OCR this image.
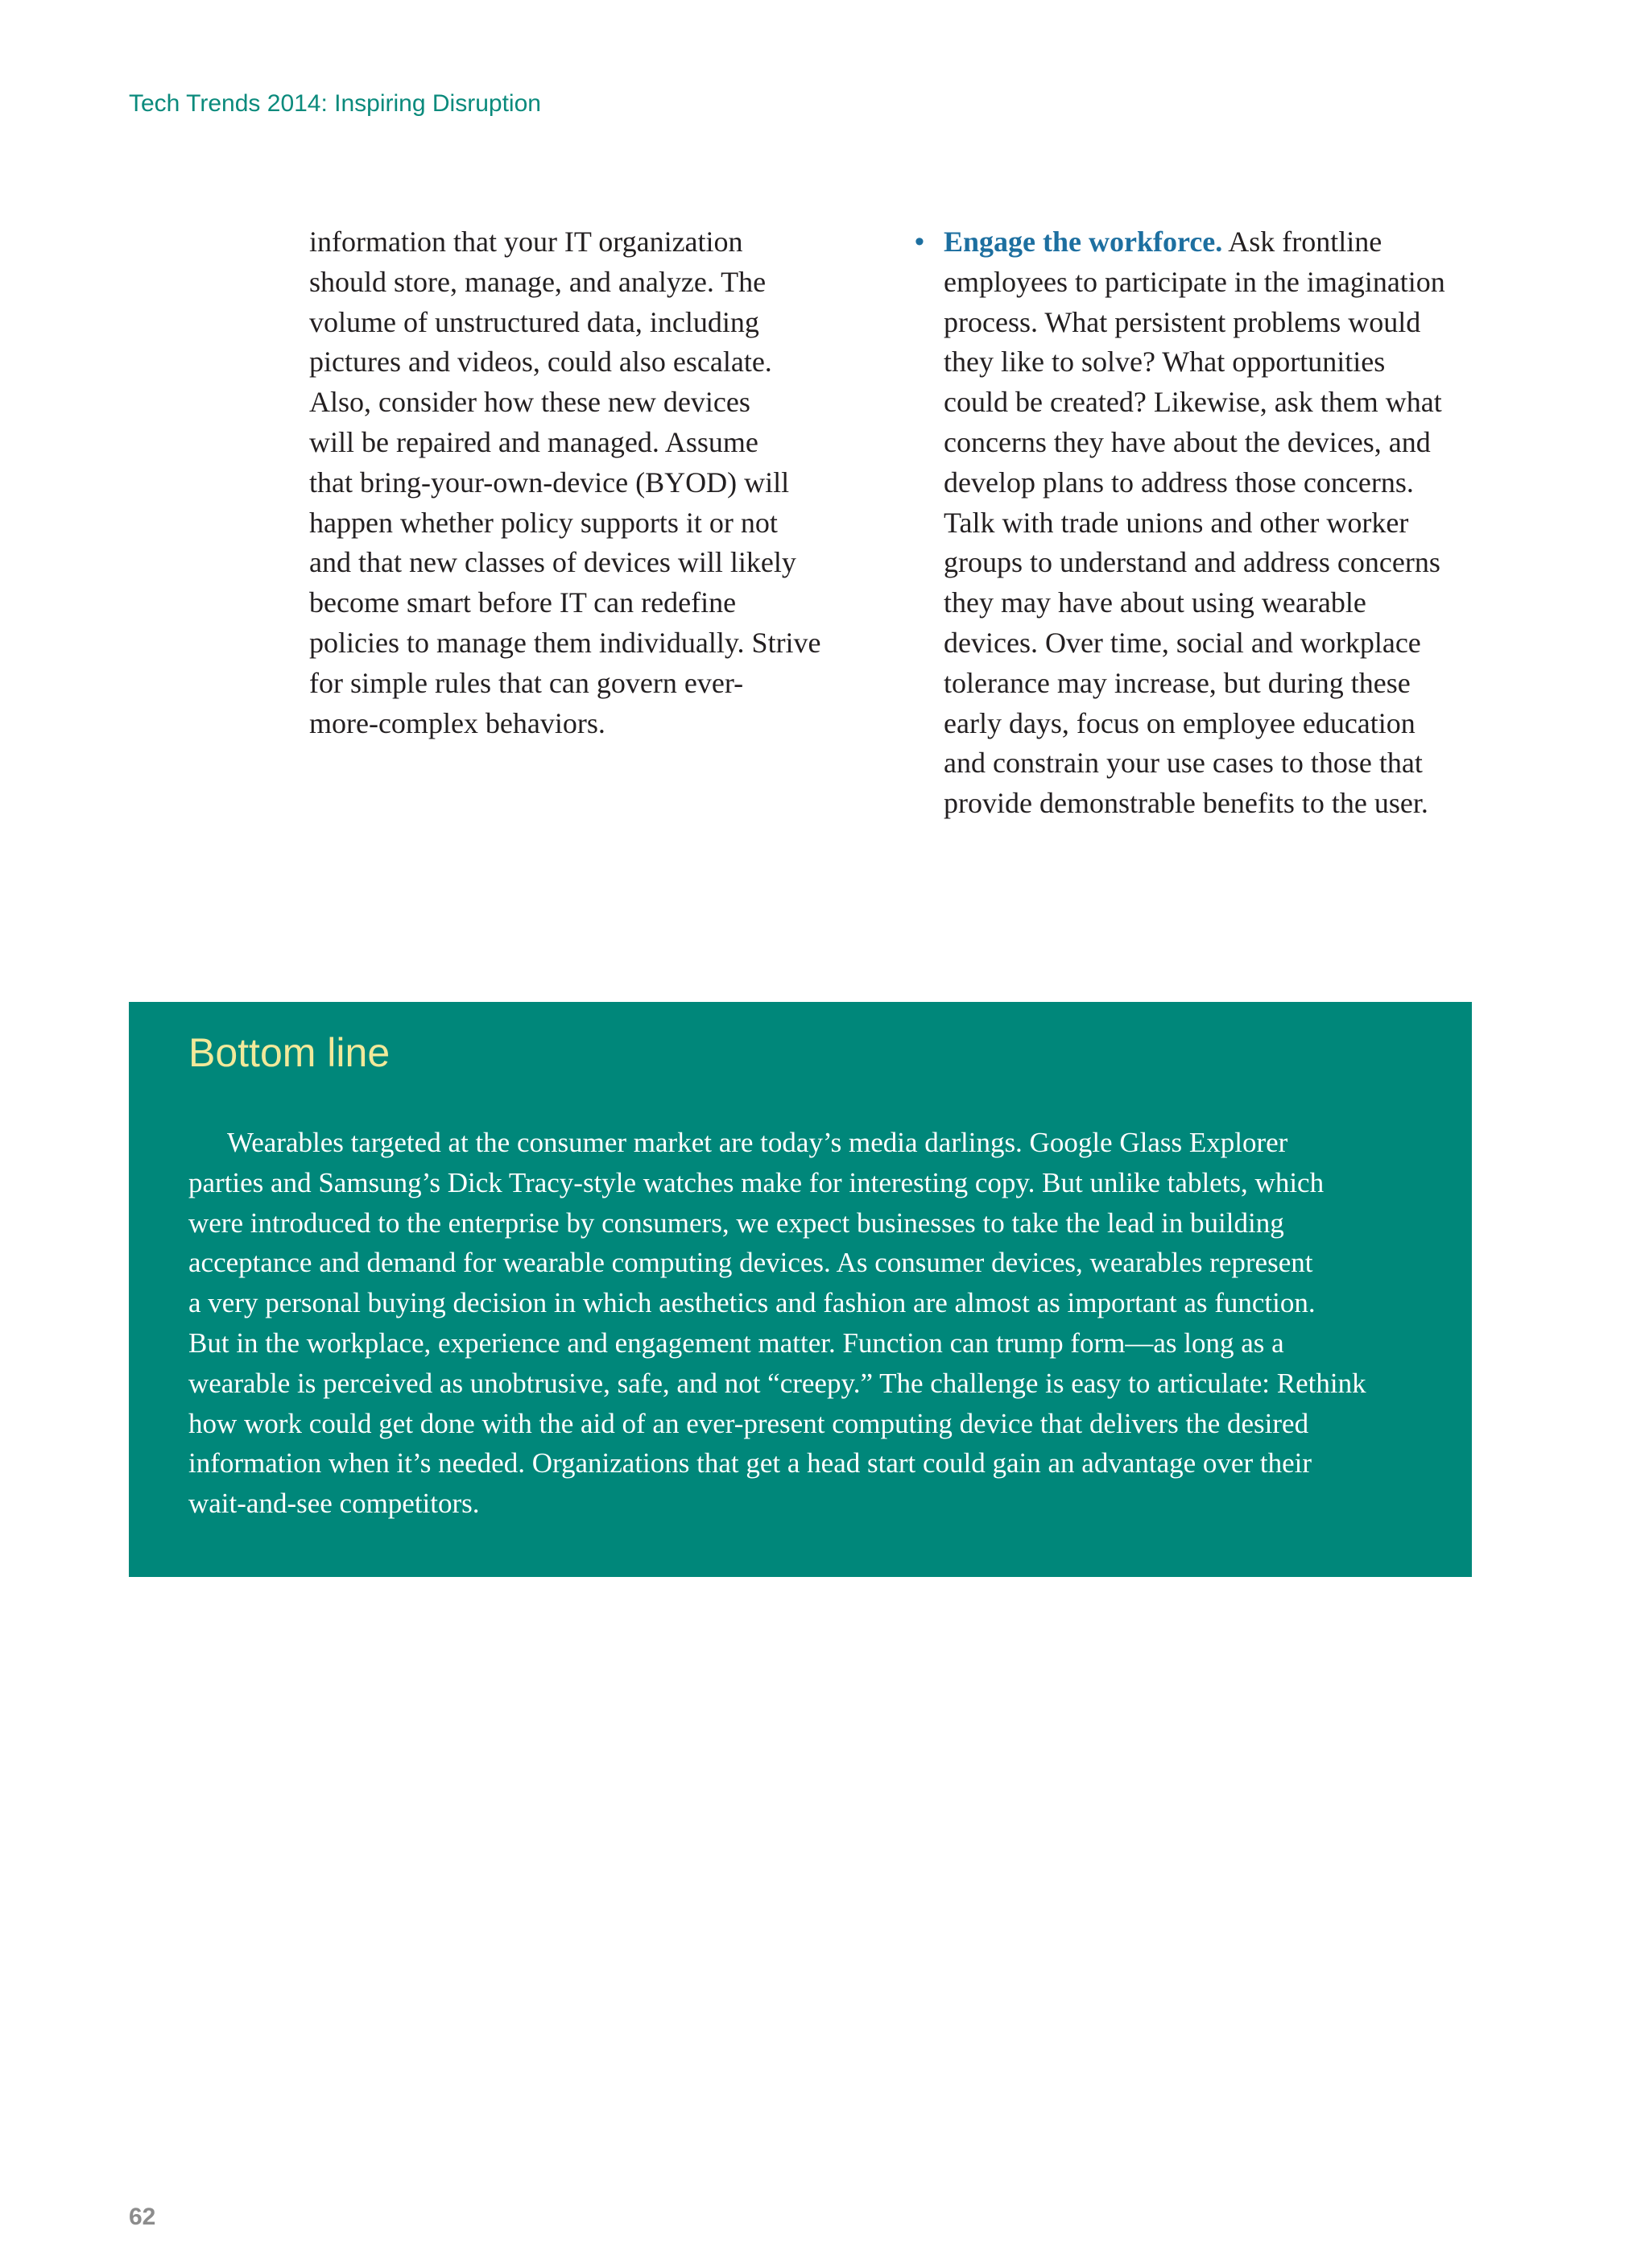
Tech Trends 2014: Inspiring Disruption
information that your IT organization
should store, manage, and analyze. The
volume of unstructured data, including
pictures and videos, could also escalate.
Also, consider how these new devices
will be repaired and managed. Assume
that bring-your-own-device (BYOD) will
happen whether policy supports it or not
and that new classes of devices will likely
become smart before IT can redefine
policies to manage them individually. Strive
for simple rules that can govern ever-
more-complex behaviors.
• Engage the workforce. Ask frontline
employees to participate in the imagination
process. What persistent problems would
they like to solve? What opportunities
could be created? Likewise, ask them what
concerns they have about the devices, and
develop plans to address those concerns.
Talk with trade unions and other worker
groups to understand and address concerns
they may have about using wearable
devices. Over time, social and workplace
tolerance may increase, but during these
early days, focus on employee education
and constrain your use cases to those that
provide demonstrable benefits to the user.
Bottom line
Wearables targeted at the consumer market are today’s media darlings. Google Glass Explorer
parties and Samsung’s Dick Tracy-style watches make for interesting copy. But unlike tablets, which
were introduced to the enterprise by consumers, we expect businesses to take the lead in building
acceptance and demand for wearable computing devices. As consumer devices, wearables represent
a very personal buying decision in which aesthetics and fashion are almost as important as function.
But in the workplace, experience and engagement matter. Function can trump form—as long as a
wearable is perceived as unobtrusive, safe, and not “creepy.” The challenge is easy to articulate: Rethink
how work could get done with the aid of an ever-present computing device that delivers the desired
information when it’s needed. Organizations that get a head start could gain an advantage over their
wait-and-see competitors.
62
